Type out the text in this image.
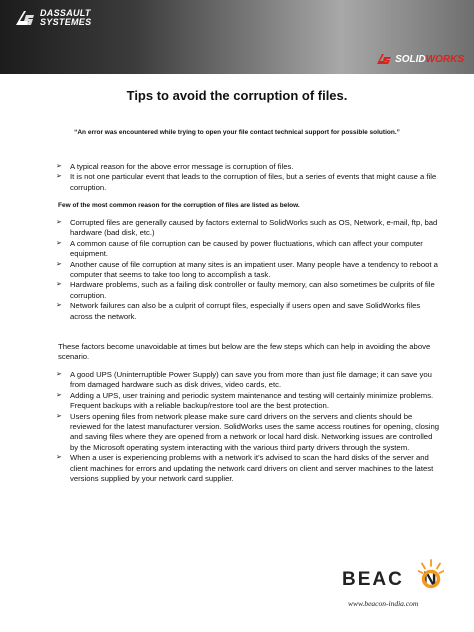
DASSAULT
SYSTEMES
SOLIDWORKS
Tips to avoid the corruption of files.
“An error was encountered while trying to open your file contact technical support for possible solution.”
➢ A typical reason for the above error message is corruption of files.
➢ It is not one particular event that leads to the corruption of files, but a series of events that might cause a file corruption.
Few of the most common reason for the corruption of files are listed as below.
➢ Corrupted files are generally caused by factors external to SolidWorks such as OS, Network, e-mail, ftp, bad hardware (bad disk, etc.)
➢ A common cause of file corruption can be caused by power fluctuations, which can affect your computer equipment.
➢ Another cause of file corruption at many sites is an impatient user. Many people have a tendency to reboot a computer that seems to take too long to accomplish a task.
➢ Hardware problems, such as a failing disk controller or faulty memory, can also sometimes be culprits of file corruption.
➢ Network failures can also be a culprit of corrupt files, especially if users open and save SolidWorks files across the network.
These factors become unavoidable at times but below are the few steps which can help in avoiding the above scenario.
➢ A good UPS (Uninterruptible Power Supply) can save you from more than just file damage; it can save you from damaged hardware such as disk drives, video cards, etc.
➢ Adding a UPS, user training and periodic system maintenance and testing will certainly minimize problems. Frequent backups with a reliable backup/restore tool are the best protection.
➢ Users opening files from network please make sure card drivers on the servers and clients should be reviewed for the latest manufacturer version. SolidWorks uses the same access routines for opening, closing and saving files where they are opened from a network or local hard disk. Networking issues are controlled by the Microsoft operating system interacting with the various third party drivers through the system.
➢ When a user is experiencing problems with a network it’s advised to scan the hard disks of the server and client machines for errors and updating the network card drivers on client and server machines to the latest versions supplied by your network card supplier.
BEAC N
www.beacon-india.com
